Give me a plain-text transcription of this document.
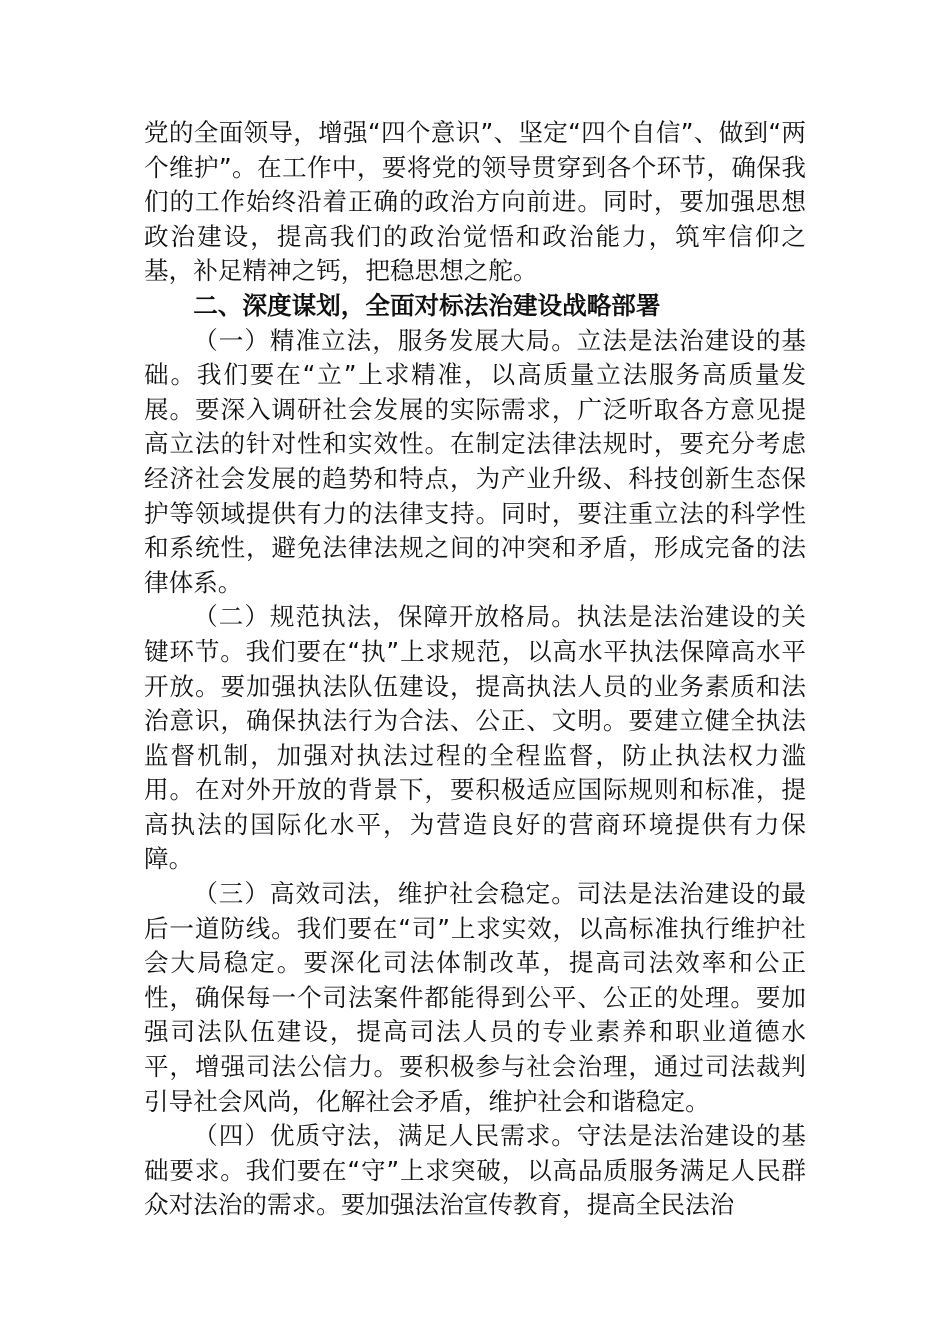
党的全面领导，增强“四个意识”、坚定“四个自信”、做到“两个维护”。在工作中，要将党的领导贯穿到各个环节，确保我们的工作始终沿着正确的政治方向前进。同时，要加强思想政治建设，提高我们的政治觉悟和政治能力，筑牢信仰之基，补足精神之钙，把稳思想之舵。

二、深度谋划，全面对标法治建设战略部署

（一）精准立法，服务发展大局。立法是法治建设的基础。我们要在“立”上求精准，以高质量立法服务高质量发展。要深入调研社会发展的实际需求，广泛听取各方意见提高立法的针对性和实效性。在制定法律法规时，要充分考虑经济社会发展的趋势和特点，为产业升级、科技创新生态保护等领域提供有力的法律支持。同时，要注重立法的科学性和系统性，避免法律法规之间的冲突和矛盾，形成完备的法律体系。

（二）规范执法，保障开放格局。执法是法治建设的关键环节。我们要在“执”上求规范，以高水平执法保障高水平开放。要加强执法队伍建设，提高执法人员的业务素质和法治意识，确保执法行为合法、公正、文明。要建立健全执法监督机制，加强对执法过程的全程监督，防止执法权力滥用。在对外开放的背景下，要积极适应国际规则和标准，提高执法的国际化水平，为营造良好的营商环境提供有力保障。

（三）高效司法，维护社会稳定。司法是法治建设的最后一道防线。我们要在“司”上求实效，以高标准执行维护社会大局稳定。要深化司法体制改革，提高司法效率和公正性，确保每一个司法案件都能得到公平、公正的处理。要加强司法队伍建设，提高司法人员的专业素养和职业道德水平，增强司法公信力。要积极参与社会治理，通过司法裁判引导社会风尚，化解社会矛盾，维护社会和谐稳定。

（四）优质守法，满足人民需求。守法是法治建设的基础要求。我们要在“守”上求突破，以高品质服务满足人民群众对法治的需求。要加强法治宣传教育，提高全民法治
